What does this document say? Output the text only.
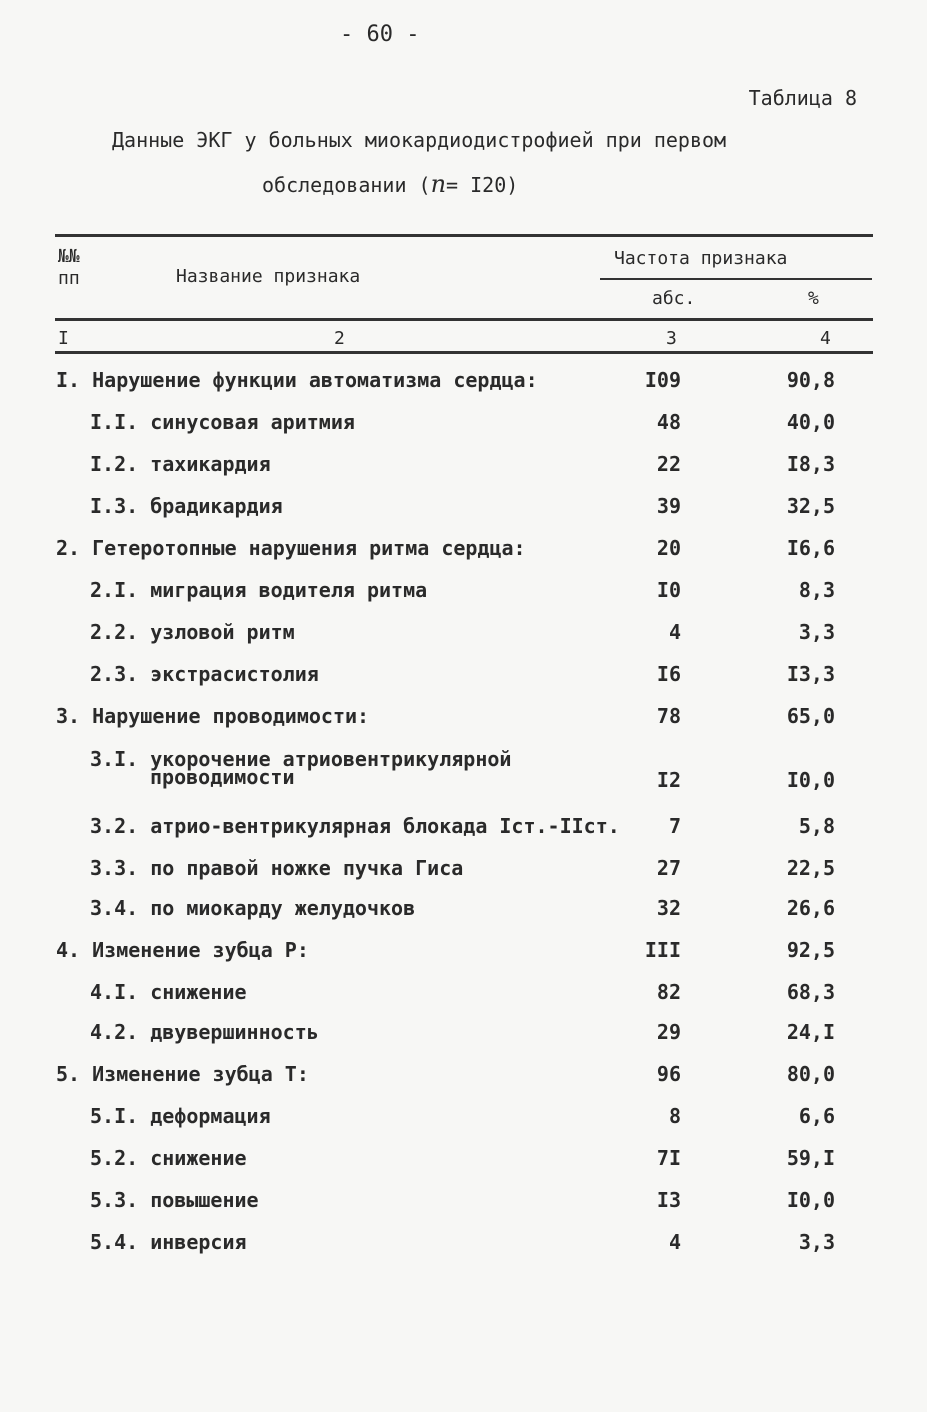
- 60 -
Таблица 8
Данные ЭКГ у больных миокардиодистрофией при первом
обследовании (n= I20)
№№
пп	Название признака
Частота признака
абс.	%
I	2	3	4
I. Нарушение функции автоматизма сердца:	I09	90,8
I.I. синусовая аритмия	48	40,0
I.2. тахикардия	22	I8,3
I.3. брадикардия	39	32,5
2. Гетеротопные нарушения ритма сердца:	20	I6,6
2.I. миграция водителя ритма	I0	8,3
2.2. узловой ритм	4	3,3
2.3. экстрасистолия	I6	I3,3
3. Нарушение проводимости:	78	65,0
3.I. укорочение атриовентрикулярной
проводимости	I2	I0,0
3.2. атрио-вентрикулярная блокада Iст.-IIст. 7	5,8
3.3. по правой ножке пучка Гиса	27	22,5
3.4. по миокарду желудочков	32	26,6
4. Изменение зубца Р:	III	92,5
4.I. снижение	82	68,3
4.2. двувершинность	29	24,I
5. Изменение зубца Т:	96	80,0
5.I. деформация	8	6,6
5.2. снижение	7I	59,I
5.3. повышение	I3	I0,0
5.4. инверсия	4	3,3
